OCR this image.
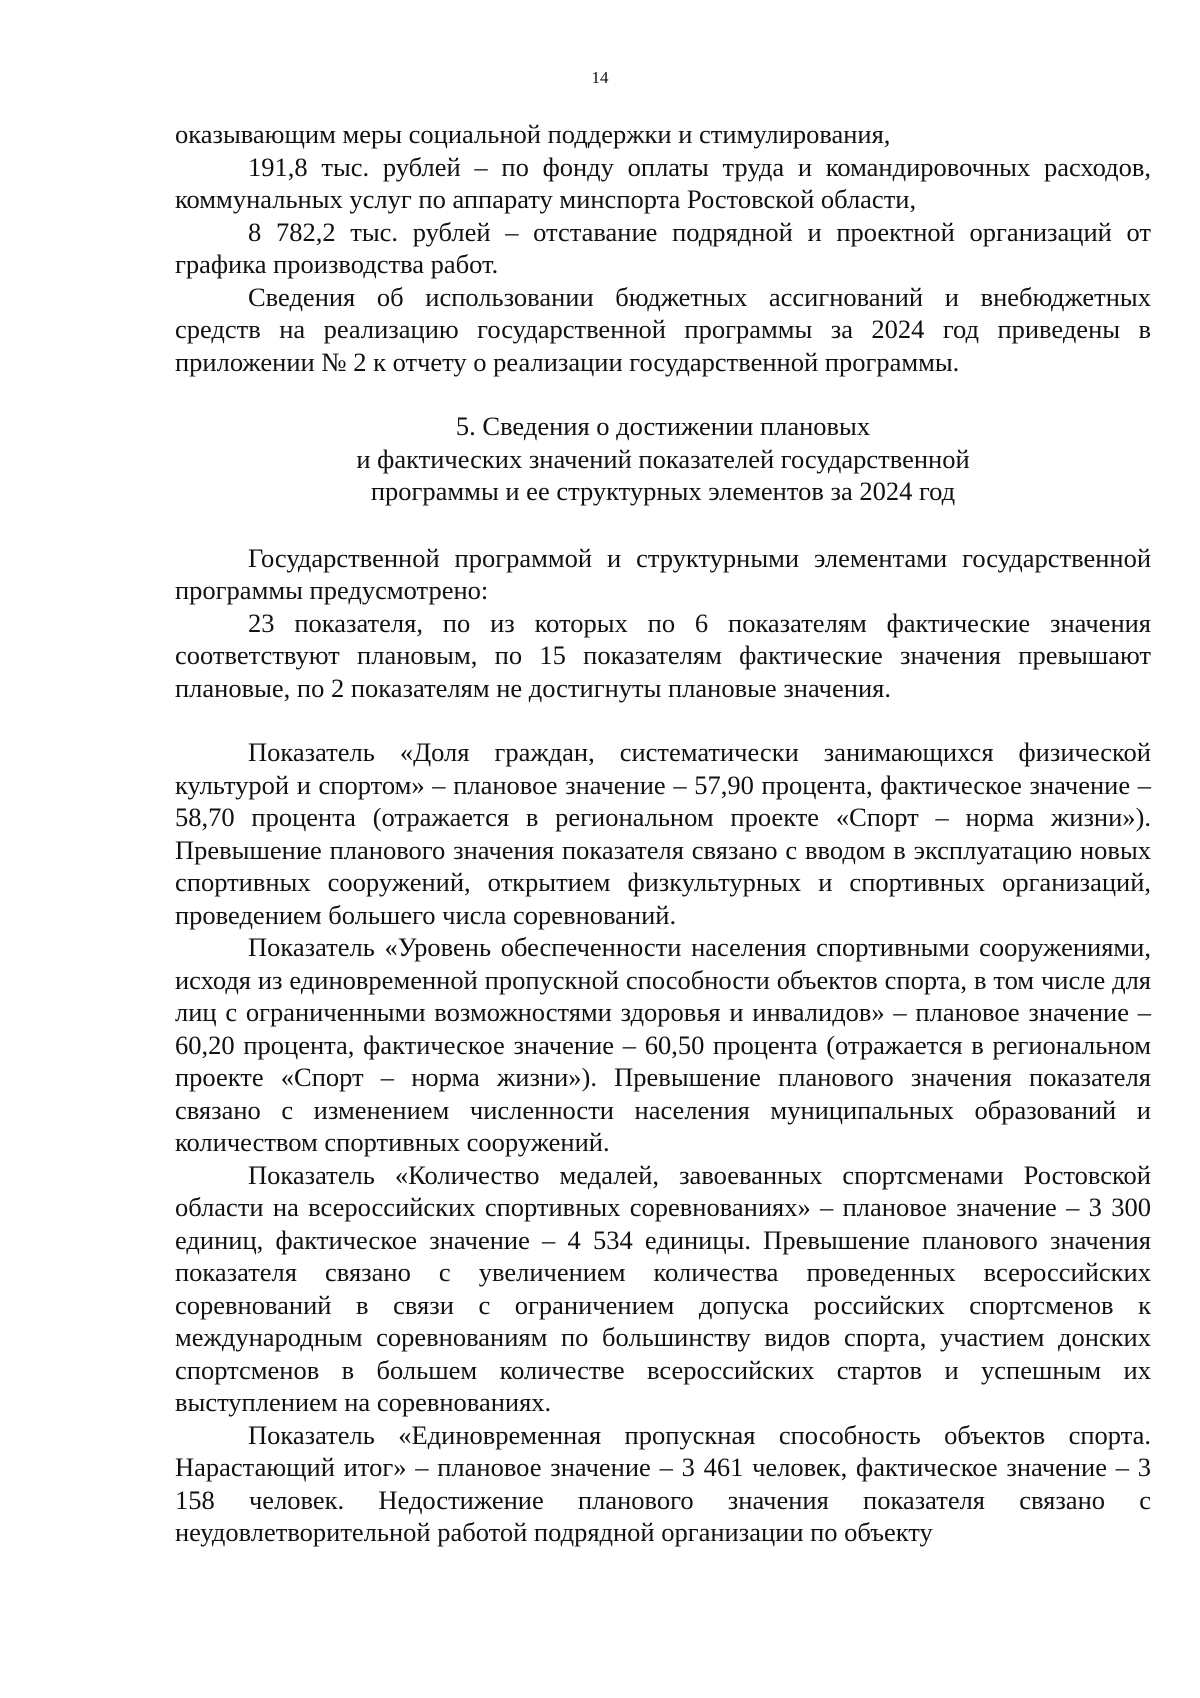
14

оказывающим меры социальной поддержки и стимулирования,

191,8 тыс. рублей – по фонду оплаты труда и командировочных расходов, коммунальных услуг по аппарату минспорта Ростовской области,

8 782,2 тыс. рублей – отставание подрядной и проектной организаций от графика производства работ.

Сведения об использовании бюджетных ассигнований и внебюджетных средств на реализацию государственной программы за 2024 год приведены в приложении № 2 к отчету о реализации государственной программы.

5. Сведения о достижении плановых
и фактических значений показателей государственной
программы и ее структурных элементов за 2024 год

Государственной программой и структурными элементами государственной программы предусмотрено:

23 показателя, по из которых по 6 показателям фактические значения соответствуют плановым, по 15 показателям фактические значения превышают плановые, по 2 показателям не достигнуты плановые значения.

Показатель «Доля граждан, систематически занимающихся физической культурой и спортом» – плановое значение – 57,90 процента, фактическое значение – 58,70 процента (отражается в региональном проекте «Спорт – норма жизни»). Превышение планового значения показателя связано с вводом в эксплуатацию новых спортивных сооружений, открытием физкультурных и спортивных организаций, проведением большего числа соревнований.

Показатель «Уровень обеспеченности населения спортивными сооружениями, исходя из единовременной пропускной способности объектов спорта, в том числе для лиц с ограниченными возможностями здоровья и инвалидов» – плановое значение – 60,20 процента, фактическое значение – 60,50 процента (отражается в региональном проекте «Спорт – норма жизни»). Превышение планового значения показателя связано с изменением численности населения муниципальных образований и количеством спортивных сооружений.

Показатель «Количество медалей, завоеванных спортсменами Ростовской области на всероссийских спортивных соревнованиях» – плановое значение – 3 300 единиц, фактическое значение – 4 534 единицы. Превышение планового значения показателя связано с увеличением количества проведенных всероссийских соревнований в связи с ограничением допуска российских спортсменов к международным соревнованиям по большинству видов спорта, участием донских спортсменов в большем количестве всероссийских стартов и успешным их выступлением на соревнованиях.

Показатель «Единовременная пропускная способность объектов спорта. Нарастающий итог» – плановое значение – 3 461 человек, фактическое значение – 3 158 человек. Недостижение планового значения показателя связано с неудовлетворительной работой подрядной организации по объекту
